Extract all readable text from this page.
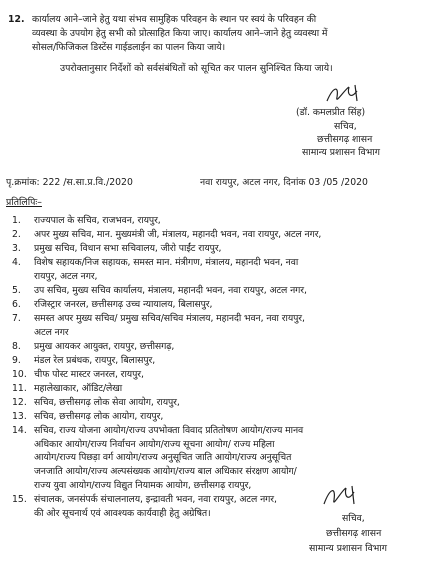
12. कार्यालय आने–जाने हेतु यथा संभव सामुहिक परिवहन के स्थान पर स्वयं के परिवहन की
व्यवस्था के उपयोग हेतु सभी को प्रोत्साहित किया जाए। कार्यालय आने–जाने हेतु व्यवस्था में
सोसल/फिजिकल डिस्टेंस गाईडलाईन का पालन किया जाये।
उपरोक्तानुसार निर्देशों को सर्वसंबंधितों को सूचित कर पालन सुनिश्चित किया जाये।
(डॉ. कमलप्रीत सिंह)
सचिव,
छत्तीसगढ़ शासन
सामान्य प्रशासन विभाग
पृ.क्रमांक: 222 /स.सा.प्र.वि./2020	नवा रायपुर, अटल नगर, दिनांक 03 /05 /2020
प्रतिलिपिः–
1. राज्यपाल के सचिव, राजभवन, रायपुर,
2. अपर मुख्य सचिव, मान. मुख्यमंत्री जी, मंत्रालय, महानदी भवन, नवा रायपुर, अटल नगर,
3. प्रमुख सचिव, विधान सभा सचिवालय, जीरो पाईंट रायपुर,
4. विशेष सहायक/निज सहायक, समस्त मान. मंत्रीगण, मंत्रालय, महानदी भवन, नवा
रायपुर, अटल नगर,
5. उप सचिव, मुख्य सचिव कार्यालय, मंत्रालय, महानदी भवन, नवा रायपुर, अटल नगर,
6. रजिस्ट्रार जनरल, छत्तीसगढ़ उच्च न्यायालय, बिलासपुर,
7. समस्त अपर मुख्य सचिव/ प्रमुख सचिव/सचिव मंत्रालय, महानदी भवन, नवा रायपुर,
अटल नगर
8. प्रमुख आयकर आयुक्त, रायपुर, छत्तीसगढ़,
9. मंडल रेल प्रबंधक, रायपुर, बिलासपुर,
10. चीफ पोस्ट मास्टर जनरल, रायपुर,
11. महालेखाकार, ऑडिट/लेखा
12. सचिव, छत्तीसगढ़ लोक सेवा आयोग, रायपुर,
13. सचिव, छत्तीसगढ़ लोक आयोग, रायपुर,
14. सचिव, राज्य योजना आयोग/राज्य उपभोक्ता विवाद प्रतितोषण आयोग/राज्य मानव
अधिकार आयोग/राज्य निर्वाचन आयोग/राज्य सूचना आयोग/ राज्य महिला
आयोग/राज्य पिछड़ा वर्ग आयोग/राज्य अनुसूचित जाति आयोग/राज्य अनुसूचित
जनजाति आयोग/राज्य अल्पसंख्यक आयोग/राज्य बाल अधिकार संरक्षण आयोग/
राज्य युवा आयोग/राज्य विद्युत नियामक आयोग, छत्तीसगढ़ रायपुर,
15. संचालक, जनसंपर्क संचालनालय, इन्द्रावती भवन, नवा रायपुर, अटल नगर,
की ओर सूचनार्थ एवं आवश्यक कार्यवाही हेतु अग्रेषित।	सचिव,
छत्तीसगढ़ शासन
सामान्य प्रशासन विभाग
